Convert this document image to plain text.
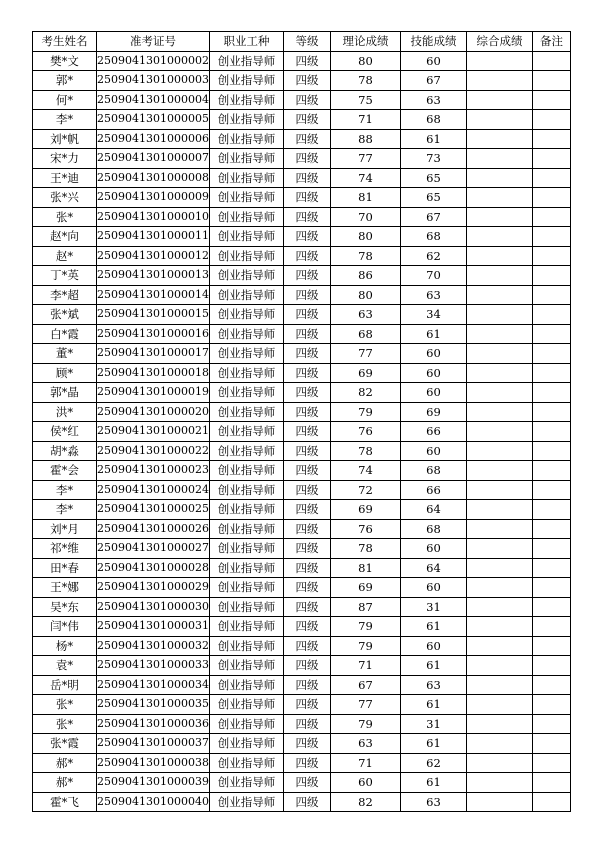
考生姓名	准考证号	职业工种	等级	理论成绩	技能成绩	综合成绩	备注
樊*文	2509041301000002	创业指导师	四级	80	60		
郭*	2509041301000003	创业指导师	四级	78	67		
何*	2509041301000004	创业指导师	四级	75	63		
李*	2509041301000005	创业指导师	四级	71	68		
刘*帆	2509041301000006	创业指导师	四级	88	61		
宋*力	2509041301000007	创业指导师	四级	77	73		
王*迪	2509041301000008	创业指导师	四级	74	65		
张*兴	2509041301000009	创业指导师	四级	81	65		
张*	2509041301000010	创业指导师	四级	70	67		
赵*向	2509041301000011	创业指导师	四级	80	68		
赵*	2509041301000012	创业指导师	四级	78	62		
丁*英	2509041301000013	创业指导师	四级	86	70		
李*超	2509041301000014	创业指导师	四级	80	63		
张*斌	2509041301000015	创业指导师	四级	63	34		
白*霞	2509041301000016	创业指导师	四级	68	61		
董*	2509041301000017	创业指导师	四级	77	60		
顾*	2509041301000018	创业指导师	四级	69	60		
郭*晶	2509041301000019	创业指导师	四级	82	60		
洪*	2509041301000020	创业指导师	四级	79	69		
侯*红	2509041301000021	创业指导师	四级	76	66		
胡*淼	2509041301000022	创业指导师	四级	78	60		
霍*会	2509041301000023	创业指导师	四级	74	68		
李*	2509041301000024	创业指导师	四级	72	66		
李*	2509041301000025	创业指导师	四级	69	64		
刘*月	2509041301000026	创业指导师	四级	76	68		
祁*维	2509041301000027	创业指导师	四级	78	60		
田*春	2509041301000028	创业指导师	四级	81	64		
王*娜	2509041301000029	创业指导师	四级	69	60		
吴*东	2509041301000030	创业指导师	四级	87	31		
闫*伟	2509041301000031	创业指导师	四级	79	61		
杨*	2509041301000032	创业指导师	四级	79	60		
袁*	2509041301000033	创业指导师	四级	71	61		
岳*明	2509041301000034	创业指导师	四级	67	63		
张*	2509041301000035	创业指导师	四级	77	61		
张*	2509041301000036	创业指导师	四级	79	31		
张*霞	2509041301000037	创业指导师	四级	63	61		
郝*	2509041301000038	创业指导师	四级	71	62		
郝*	2509041301000039	创业指导师	四级	60	61		
霍*飞	2509041301000040	创业指导师	四级	82	63		
